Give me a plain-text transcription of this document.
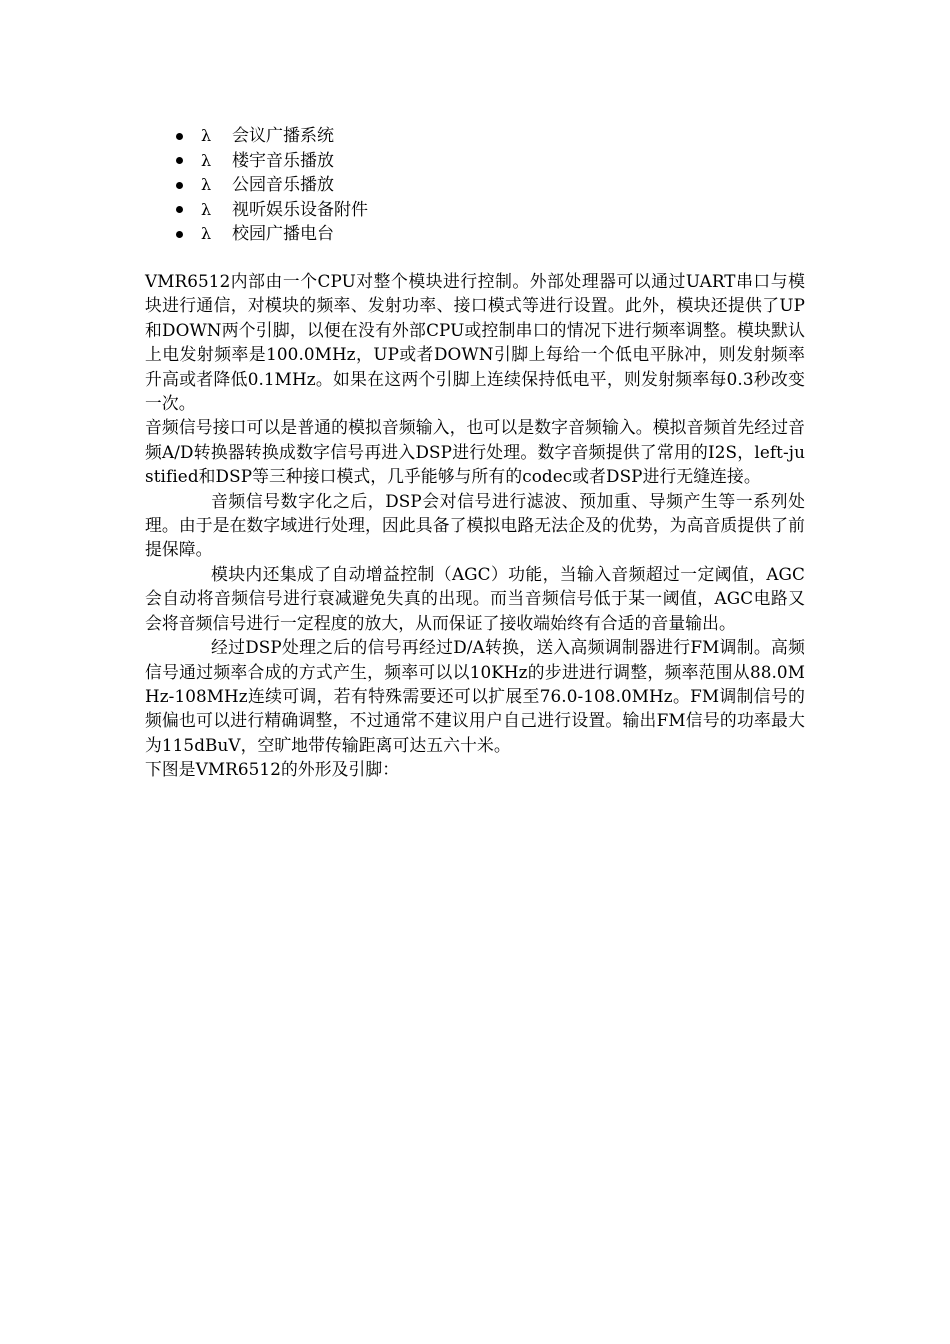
λ	会议广播系统
λ	楼宇音乐播放
λ	公园音乐播放
λ	视听娱乐设备附件
λ	校园广播电台

VMR6512内部由一个CPU对整个模块进行控制。外部处理器可以通过UART串口与模块进行通信，对模块的频率、发射功率、接口模式等进行设置。此外，模块还提供了UP和DOWN两个引脚，以便在没有外部CPU或控制串口的情况下进行频率调整。模块默认上电发射频率是100.0MHz，UP或者DOWN引脚上每给一个低电平脉冲，则发射频率升高或者降低0.1MHz。如果在这两个引脚上连续保持低电平，则发射频率每0.3秒改变一次。

音频信号接口可以是普通的模拟音频输入，也可以是数字音频输入。模拟音频首先经过音频A/D转换器转换成数字信号再进入DSP进行处理。数字音频提供了常用的I2S，left-justified和DSP等三种接口模式，几乎能够与所有的codec或者DSP进行无缝连接。

音频信号数字化之后，DSP会对信号进行滤波、预加重、导频产生等一系列处理。由于是在数字域进行处理，因此具备了模拟电路无法企及的优势，为高音质提供了前提保障。

模块内还集成了自动增益控制（AGC）功能，当输入音频超过一定阈值，AGC会自动将音频信号进行衰减避免失真的出现。而当音频信号低于某一阈值，AGC电路又会将音频信号进行一定程度的放大，从而保证了接收端始终有合适的音量输出。

经过DSP处理之后的信号再经过D/A转换，送入高频调制器进行FM调制。高频信号通过频率合成的方式产生，频率可以以10KHz的步进进行调整，频率范围从88.0MHz-108MHz连续可调，若有特殊需要还可以扩展至76.0-108.0MHz。FM调制信号的频偏也可以进行精确调整，不过通常不建议用户自己进行设置。输出FM信号的功率最大为115dBuV，空旷地带传输距离可达五六十米。

下图是VMR6512的外形及引脚：
